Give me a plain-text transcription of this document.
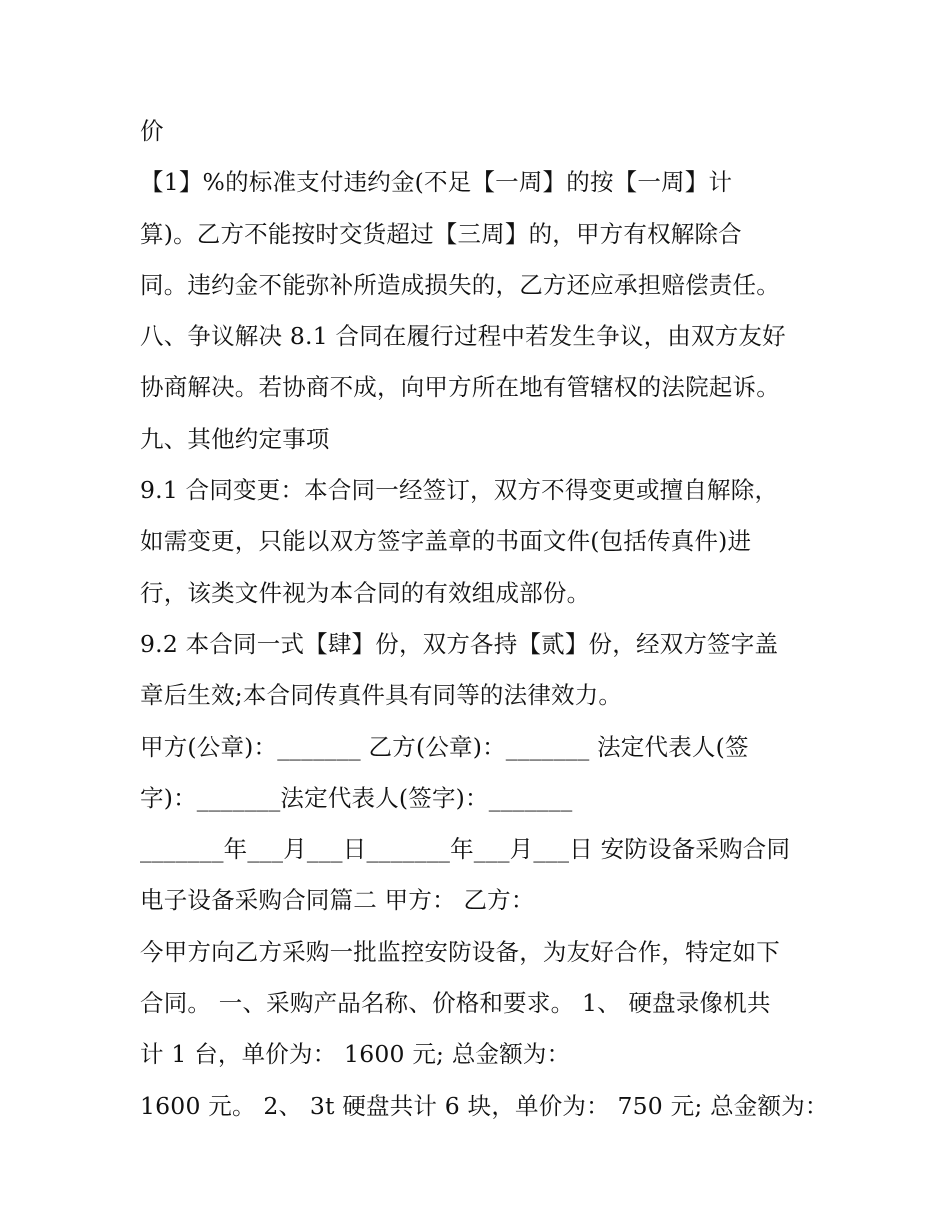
价
【1】%的标准支付违约金(不足【一周】的按【一周】计
算)。乙方不能按时交货超过【三周】的，甲方有权解除合
同。违约金不能弥补所造成损失的，乙方还应承担赔偿责任。
八、争议解决 8.1 合同在履行过程中若发生争议，由双方友好
协商解决。若协商不成，向甲方所在地有管辖权的法院起诉。
九、其他约定事项
9.1 合同变更：本合同一经签订，双方不得变更或擅自解除，
如需变更，只能以双方签字盖章的书面文件(包括传真件)进
行，该类文件视为本合同的有效组成部份。
9.2 本合同一式【肆】份，双方各持【贰】份，经双方签字盖
章后生效;本合同传真件具有同等的法律效力。
甲方(公章)：_______ 乙方(公章)：_______ 法定代表人(签
字)：_______法定代表人(签字)：_______
_______年___月___日_______年___月___日 安防设备采购合同
电子设备采购合同篇二 甲方： 乙方：
今甲方向乙方采购一批监控安防设备，为友好合作，特定如下
合同。 一、采购产品名称、价格和要求。 1、 硬盘录像机共
计 1 台，单价为： 1600 元; 总金额为：
1600 元。 2、 3t 硬盘共计 6 块，单价为： 750 元; 总金额为：
